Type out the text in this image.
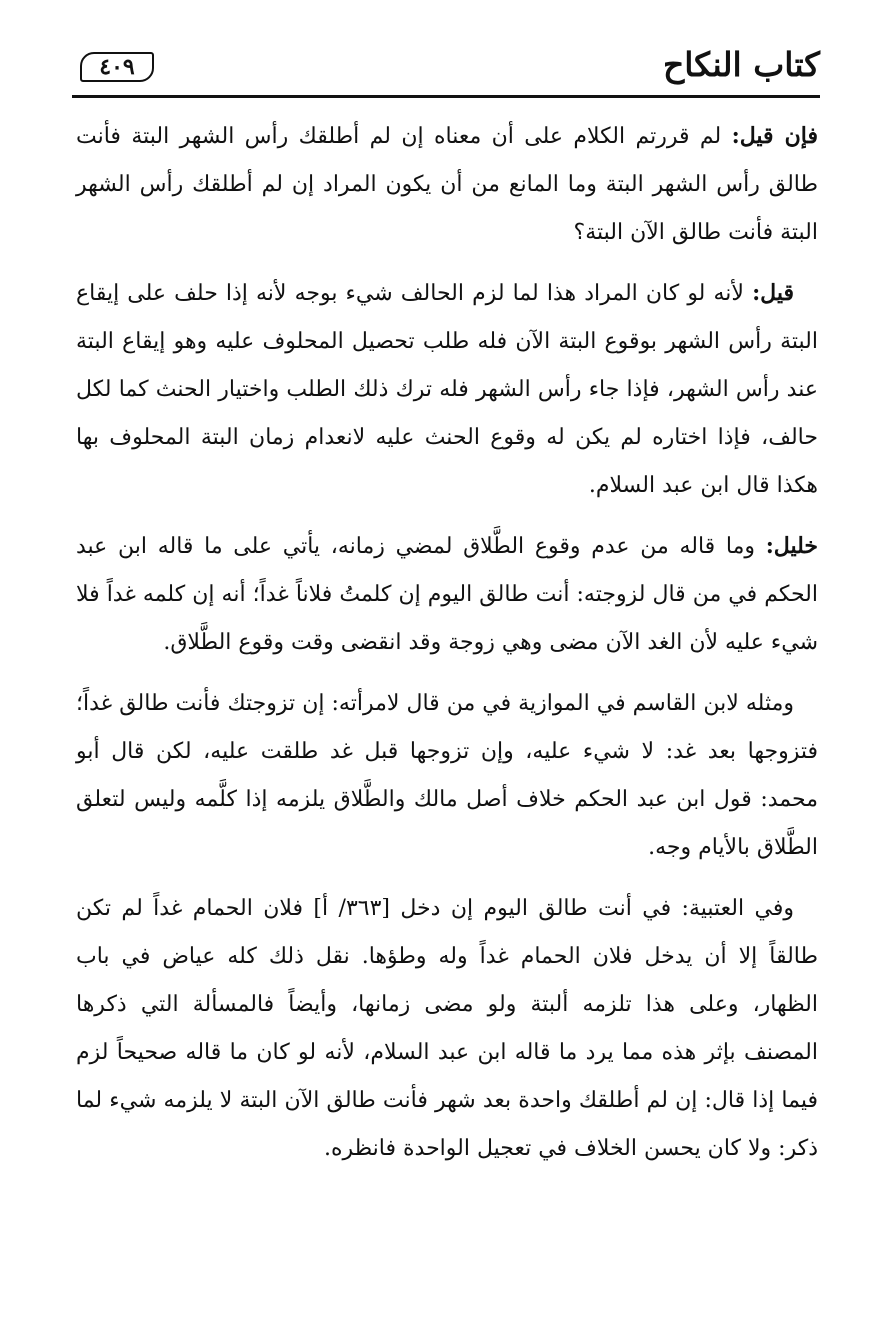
كتاب النكاح
٤٠٩

فإن قيل: لم قررتم الكلام على أن معناه إن لم أطلقك رأس الشهر البتة فأنت طالق رأس الشهر البتة وما المانع من أن يكون المراد إن لم أطلقك رأس الشهر البتة فأنت طالق الآن البتة؟

قيل: لأنه لو كان المراد هذا لما لزم الحالف شيء بوجه لأنه إذا حلف على إيقاع البتة رأس الشهر بوقوع البتة الآن فله طلب تحصيل المحلوف عليه وهو إيقاع البتة عند رأس الشهر، فإذا جاء رأس الشهر فله ترك ذلك الطلب واختيار الحنث كما لكل حالف، فإذا اختاره لم يكن له وقوع الحنث عليه لانعدام زمان البتة المحلوف بها هكذا قال ابن عبد السلام.

خليل: وما قاله من عدم وقوع الطَّلاق لمضي زمانه، يأتي على ما قاله ابن عبد الحكم في من قال لزوجته: أنت طالق اليوم إن كلمتُ فلاناً غداً؛ أنه إن كلمه غداً فلا شيء عليه لأن الغد الآن مضى وهي زوجة وقد انقضى وقت وقوع الطَّلاق.

ومثله لابن القاسم في الموازية في من قال لامرأته: إن تزوجتك فأنت طالق غداً؛ فتزوجها بعد غد: لا شيء عليه، وإن تزوجها قبل غد طلقت عليه، لكن قال أبو محمد: قول ابن عبد الحكم خلاف أصل مالك والطَّلاق يلزمه إذا كلَّمه وليس لتعلق الطَّلاق بالأيام وجه.

وفي العتبية: في أنت طالق اليوم إن دخل [٣٦٣/ أ] فلان الحمام غداً لم تكن طالقاً إلا أن يدخل فلان الحمام غداً وله وطؤها. نقل ذلك كله عياض في باب الظهار، وعلى هذا تلزمه ألبتة ولو مضى زمانها، وأيضاً فالمسألة التي ذكرها المصنف بإثر هذه مما يرد ما قاله ابن عبد السلام، لأنه لو كان ما قاله صحيحاً لزم فيما إذا قال: إن لم أطلقك واحدة بعد شهر فأنت طالق الآن البتة لا يلزمه شيء لما ذكر: ولا كان يحسن الخلاف في تعجيل الواحدة فانظره.
